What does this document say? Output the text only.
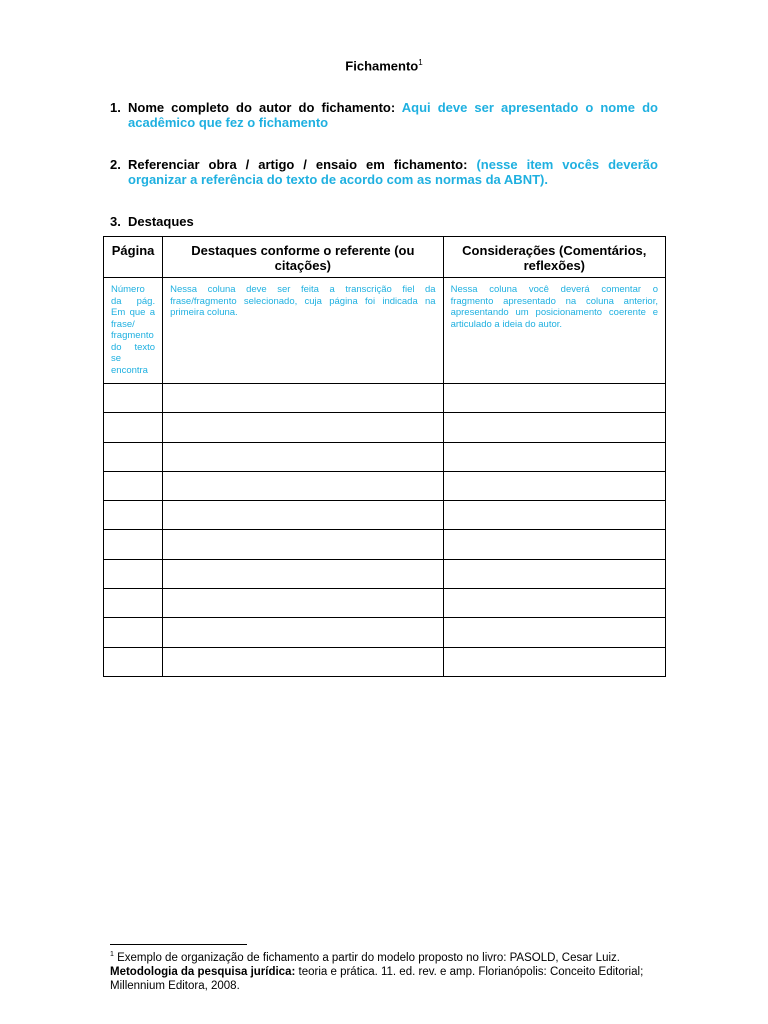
Fichamento$^1$
1. Nome completo do autor do fichamento: Aqui deve ser apresentado o nome do acadêmico que fez o fichamento
2. Referenciar obra / artigo / ensaio em fichamento: (nesse item vocês deverão organizar a referência do texto de acordo com as normas da ABNT).
3. Destaques
Página	Destaques conforme o referente (ou citações)	Considerações (Comentários, reflexões)
Número da pág. Em que a frase/ fragmento do texto se encontra	Nessa coluna deve ser feita a transcrição fiel da frase/fragmento selecionado, cuja página foi indicada na primeira coluna.	Nessa coluna você deverá comentar o fragmento apresentado na coluna anterior, apresentando um posicionamento coerente e articulado a ideia do autor.

$^1$ Exemplo de organização de fichamento a partir do modelo proposto no livro: PASOLD, Cesar Luiz. Metodologia da pesquisa jurídica: teoria e prática. 11. ed. rev. e amp. Florianópolis: Conceito Editorial; Millennium Editora, 2008.
